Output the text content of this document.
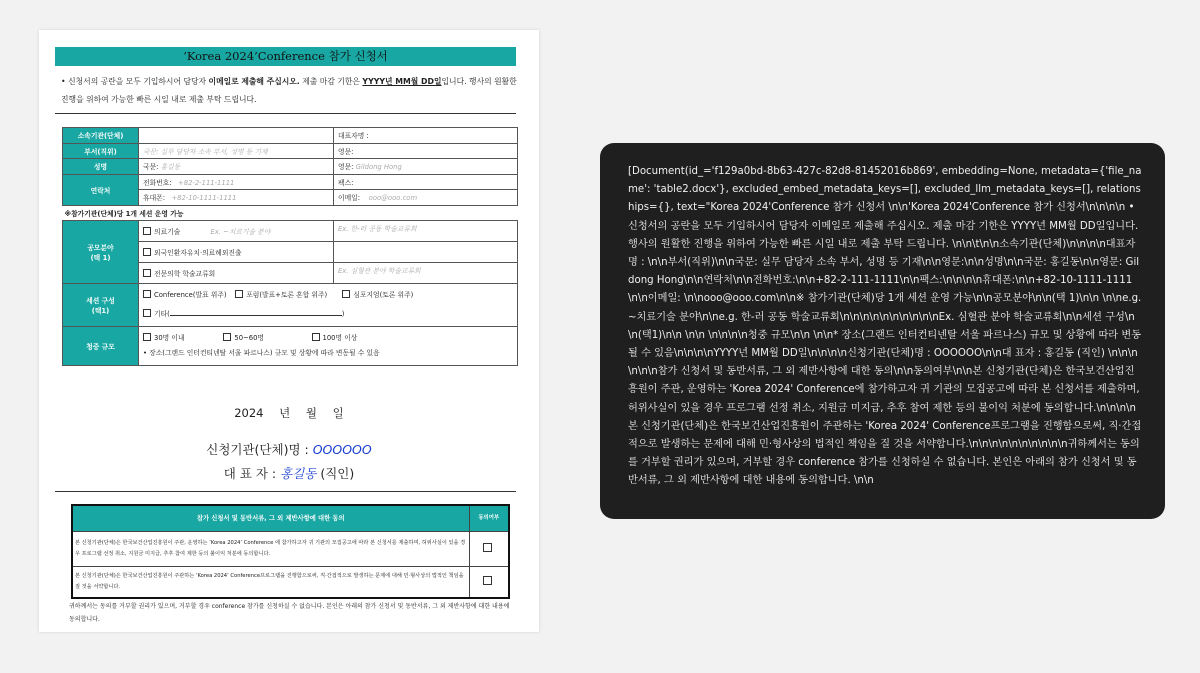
‘Korea 2024’Conference 참가 신청서
• 신청서의 공란을 모두 기입하시어 담당자 이메일로 제출해 주십시오. 제출 마감 기한은 YYYY년 MM월 DD일입니다. 행사의 원활한 진행을 위하여 가능한 빠른 시일 내로 제출 부탁 드립니다.
소속기관(단체)		대표자명 :
부서(직위)	국문: 실무 담당자 소속 부서, 성명 등 기재	영문:
성명	국문: 홍길동	영문: Gildong Hong
연락처	전화번호: +82-2-111-1111	팩스:
	휴대폰: +82-10-1111-1111	이메일: ooo@ooo.com
※참가기관(단체)당 1개 세션 운영 가능		
공모분야
(택 1)	의료기술 Ex. ~치료기술 분야	Ex. 한-러 공동 학술교류회
	외국인환자유치·의료해외진출	
	전문의학 학술교류회	Ex. 심혈관 분야 학술교류회
세션 구성
(택1)	Conference(발표 위주) 포럼(발표+토론 혼합 위주) 심포지엄(토론 위주)
기타( )	
청중 규모	30명 이내 50~60명 100명 이상
• 장소(그랜드 인터컨티넨탈 서울 파르나스) 규모 및 상황에 따라 변동될 수 있음	
2024 년 월 일
신청기관(단체)명 : OOOOOO
대 표 자 : 홍길동 (직인)
참가 신청서 및 동반서류, 그 외 제반사항에 대한 동의	동의여부
본 신청기관(단체)은 한국보건산업진흥원이 주관, 운영하는 ‘Korea 2024’ Conference 에 참가하고자 귀 기관의 모집공고에 따라 본 신청서를 제출하며, 허위사실이 있을 경우 프로그램 선정 취소, 지원금 미지급, 추후 참여 제한 등의 불이익 처분에 동의합니다.	
본 신청기관(단체)은 한국보건산업진흥원이 주관하는 ‘Korea 2024’ Conference프로그램을 진행함으로써, 직·간접적으로 발생하는 문제에 대해 민·형사상의 법적인 책임을 질 것을 서약합니다.	
귀하께서는 동의를 거부할 권리가 있으며, 거부할 경우 conference 참가를 신청하실 수 없습니다. 본인은 아래의 참가 신청서 및 동반서류, 그 외 제반사항에 대한 내용에 동의합니다.
[Document(id_='f129a0bd-8b63-427c-82d8-81452016b869', embedding=None, metadata={'file_name': 'table2.docx'}, excluded_embed_metadata_keys=[], excluded_llm_metadata_keys=[], relationships={}, text="Korea 2024'Conference 참가 신청서 \n\n'Korea 2024'Conference 참가 신청서\n\n\n\n • 신청서의 공란을 모두 기입하시어 담당자 이메일로 제출해 주십시오. 제출 마감 기한은 YYYY년 MM월 DD일입니다. 행사의 원활한 진행을 위하여 가능한 빠른 시일 내로 제출 부탁 드립니다. \n\n\t\n\n소속기관(단체)\n\n\n\n대표자명 : \n\n부서(직위)\n\n국문: 실무 담당자 소속 부서, 성명 등 기재\n\n영문:\n\n성명\n\n국문: 홍길동\n\n영문: Gildong Hong\n\n연락처\n\n전화번호:\n\n+82-2-111-1111\n\n팩스:\n\n\n\n휴대폰:\n\n+82-10-1111-1111\n\n이메일: \n\nooo@ooo.com\n\n※ 참가기관(단체)당 1개 세션 운영 가능\n\n공모분야\n\n(택 1)\n\n \n\ne.g. ~치료기술 분야\n\ne.g. 한-러 공동 학술교류회\n\n\n\n\n\n\n\n\n\nEx. 심혈관 분야 학술교류회\n\n세션 구성\n\n(택1)\n\n \n\n \n\n\n\n청중 규모\n\n \n\n* 장소(그랜드 인터컨티넨탈 서울 파르나스) 규모 및 상황에 따라 변동될 수 있음\n\n\n\nYYYY년 MM월 DD일\n\n\n\n신청기관(단체)명 : OOOOOO\n\n대 표자 : 홍길동 (직인) \n\n\n\n\n\n참가 신청서 및 동반서류, 그 외 제반사항에 대한 동의\n\n동의여부\n\n본 신청기관(단체)은 한국보건산업진흥원이 주관, 운영하는 'Korea 2024' Conference에 참가하고자 귀 기관의 모집공고에 따라 본 신청서를 제출하며, 허위사실이 있을 경우 프로그램 선정 취소, 지원금 미지급, 추후 참여 제한 등의 불이익 처분에 동의합니다.\n\n\n\n본 신청기관(단체)은 한국보건산업진흥원이 주관하는 'Korea 2024' Conference프로그램을 진행함으로써, 직·간접적으로 발생하는 문제에 대해 민·형사상의 법적인 책임을 질 것을 서약합니다.\n\n\n\n\n\n\n\n\n\n귀하께서는 동의를 거부할 권리가 있으며, 거부할 경우 conference 참가를 신청하실 수 없습니다. 본인은 아래의 참가 신청서 및 동반서류, 그 외 제반사항에 대한 내용에 동의합니다. \n\n
